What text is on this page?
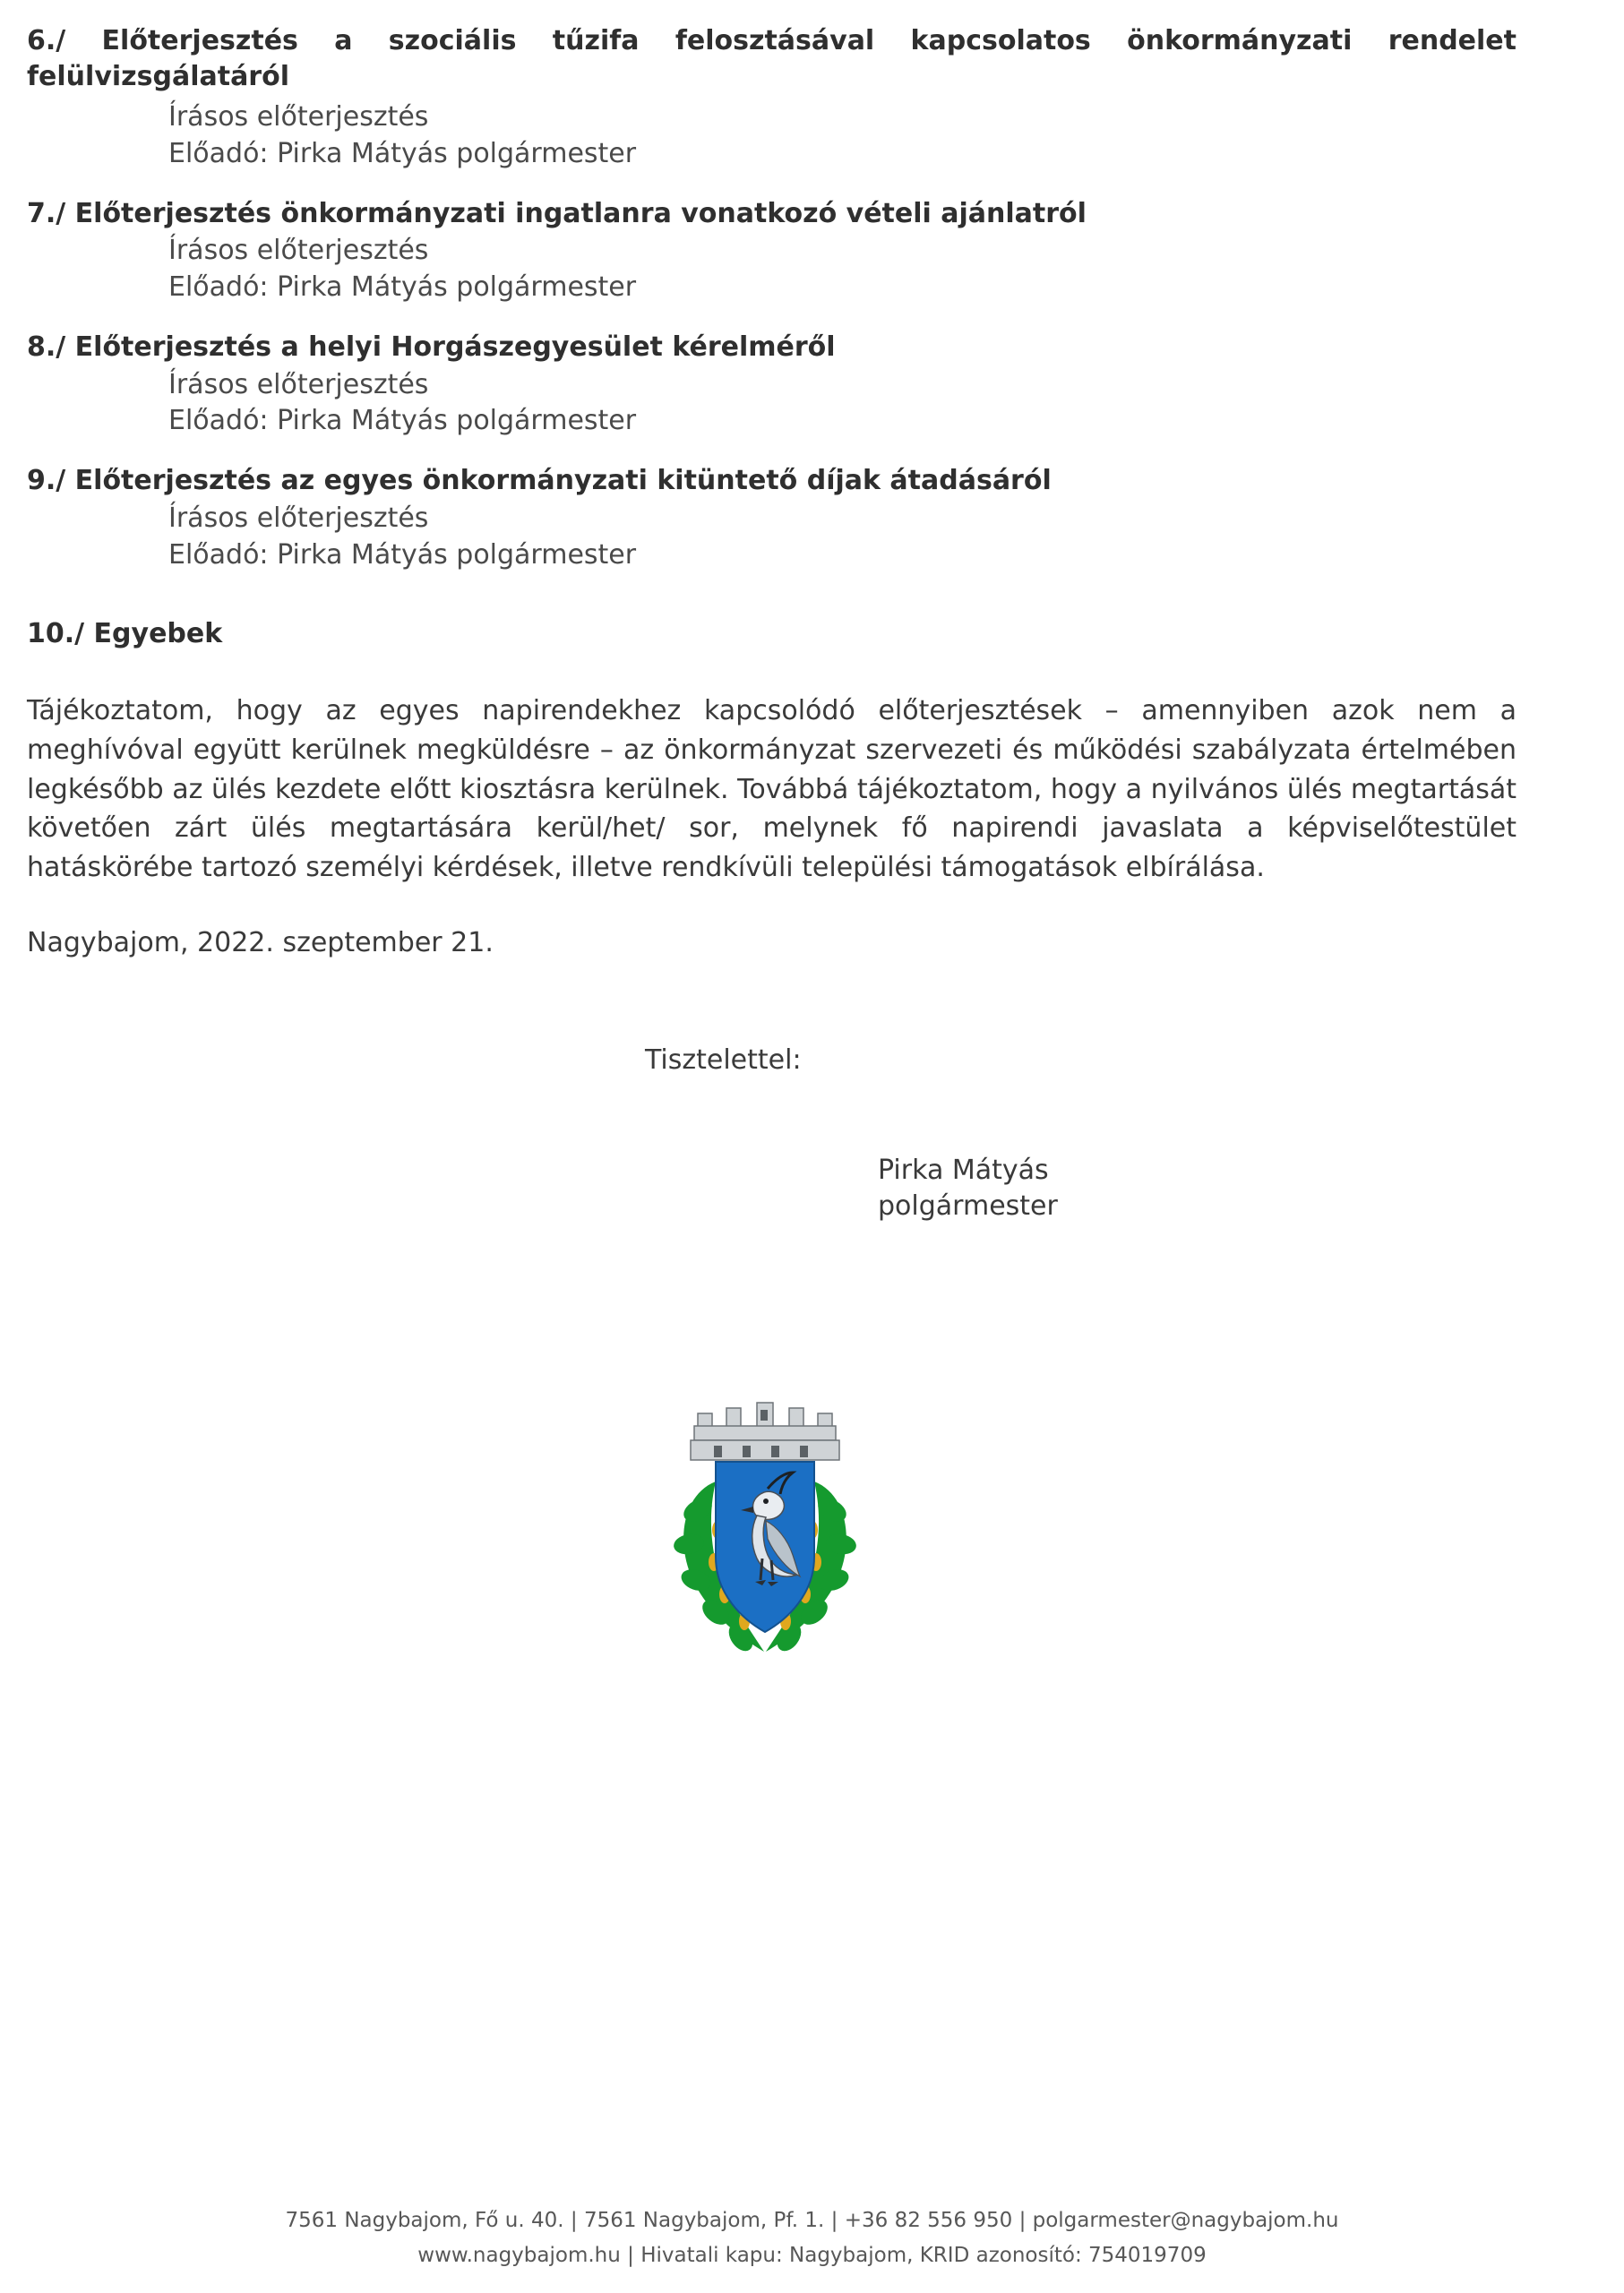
6./ Előterjesztés a szociális tűzifa felosztásával kapcsolatos önkormányzati rendelet
felülvizsgálatáról
Írásos előterjesztés
Előadó: Pirka Mátyás polgármester
7./ Előterjesztés önkormányzati ingatlanra vonatkozó vételi ajánlatról
Írásos előterjesztés
Előadó: Pirka Mátyás polgármester
8./ Előterjesztés a helyi Horgászegyesület kérelméről
Írásos előterjesztés
Előadó: Pirka Mátyás polgármester
9./ Előterjesztés az egyes önkormányzati kitüntető díjak átadásáról
Írásos előterjesztés
Előadó: Pirka Mátyás polgármester
10./ Egyebek

Tájékoztatom, hogy az egyes napirendekhez kapcsolódó előterjesztések – amennyiben azok nem a meghívóval együtt kerülnek megküldésre – az önkormányzat szervezeti és működési szabályzata értelmében legkésőbb az ülés kezdete előtt kiosztásra kerülnek. Továbbá tájékoztatom, hogy a nyilvános ülés megtartását követően zárt ülés megtartására kerül/het/ sor, melynek fő napirendi javaslata a képviselőtestület hatáskörébe tartozó személyi kérdések, illetve rendkívüli települési támogatások elbírálása.

Nagybajom, 2022. szeptember 21.
Tisztelettel:
Pirka Mátyás
polgármester
7561 Nagybajom, Fő u. 40. | 7561 Nagybajom, Pf. 1. | +36 82 556 950 | polgarmester@nagybajom.hu
www.nagybajom.hu | Hivatali kapu: Nagybajom, KRID azonosító: 754019709
